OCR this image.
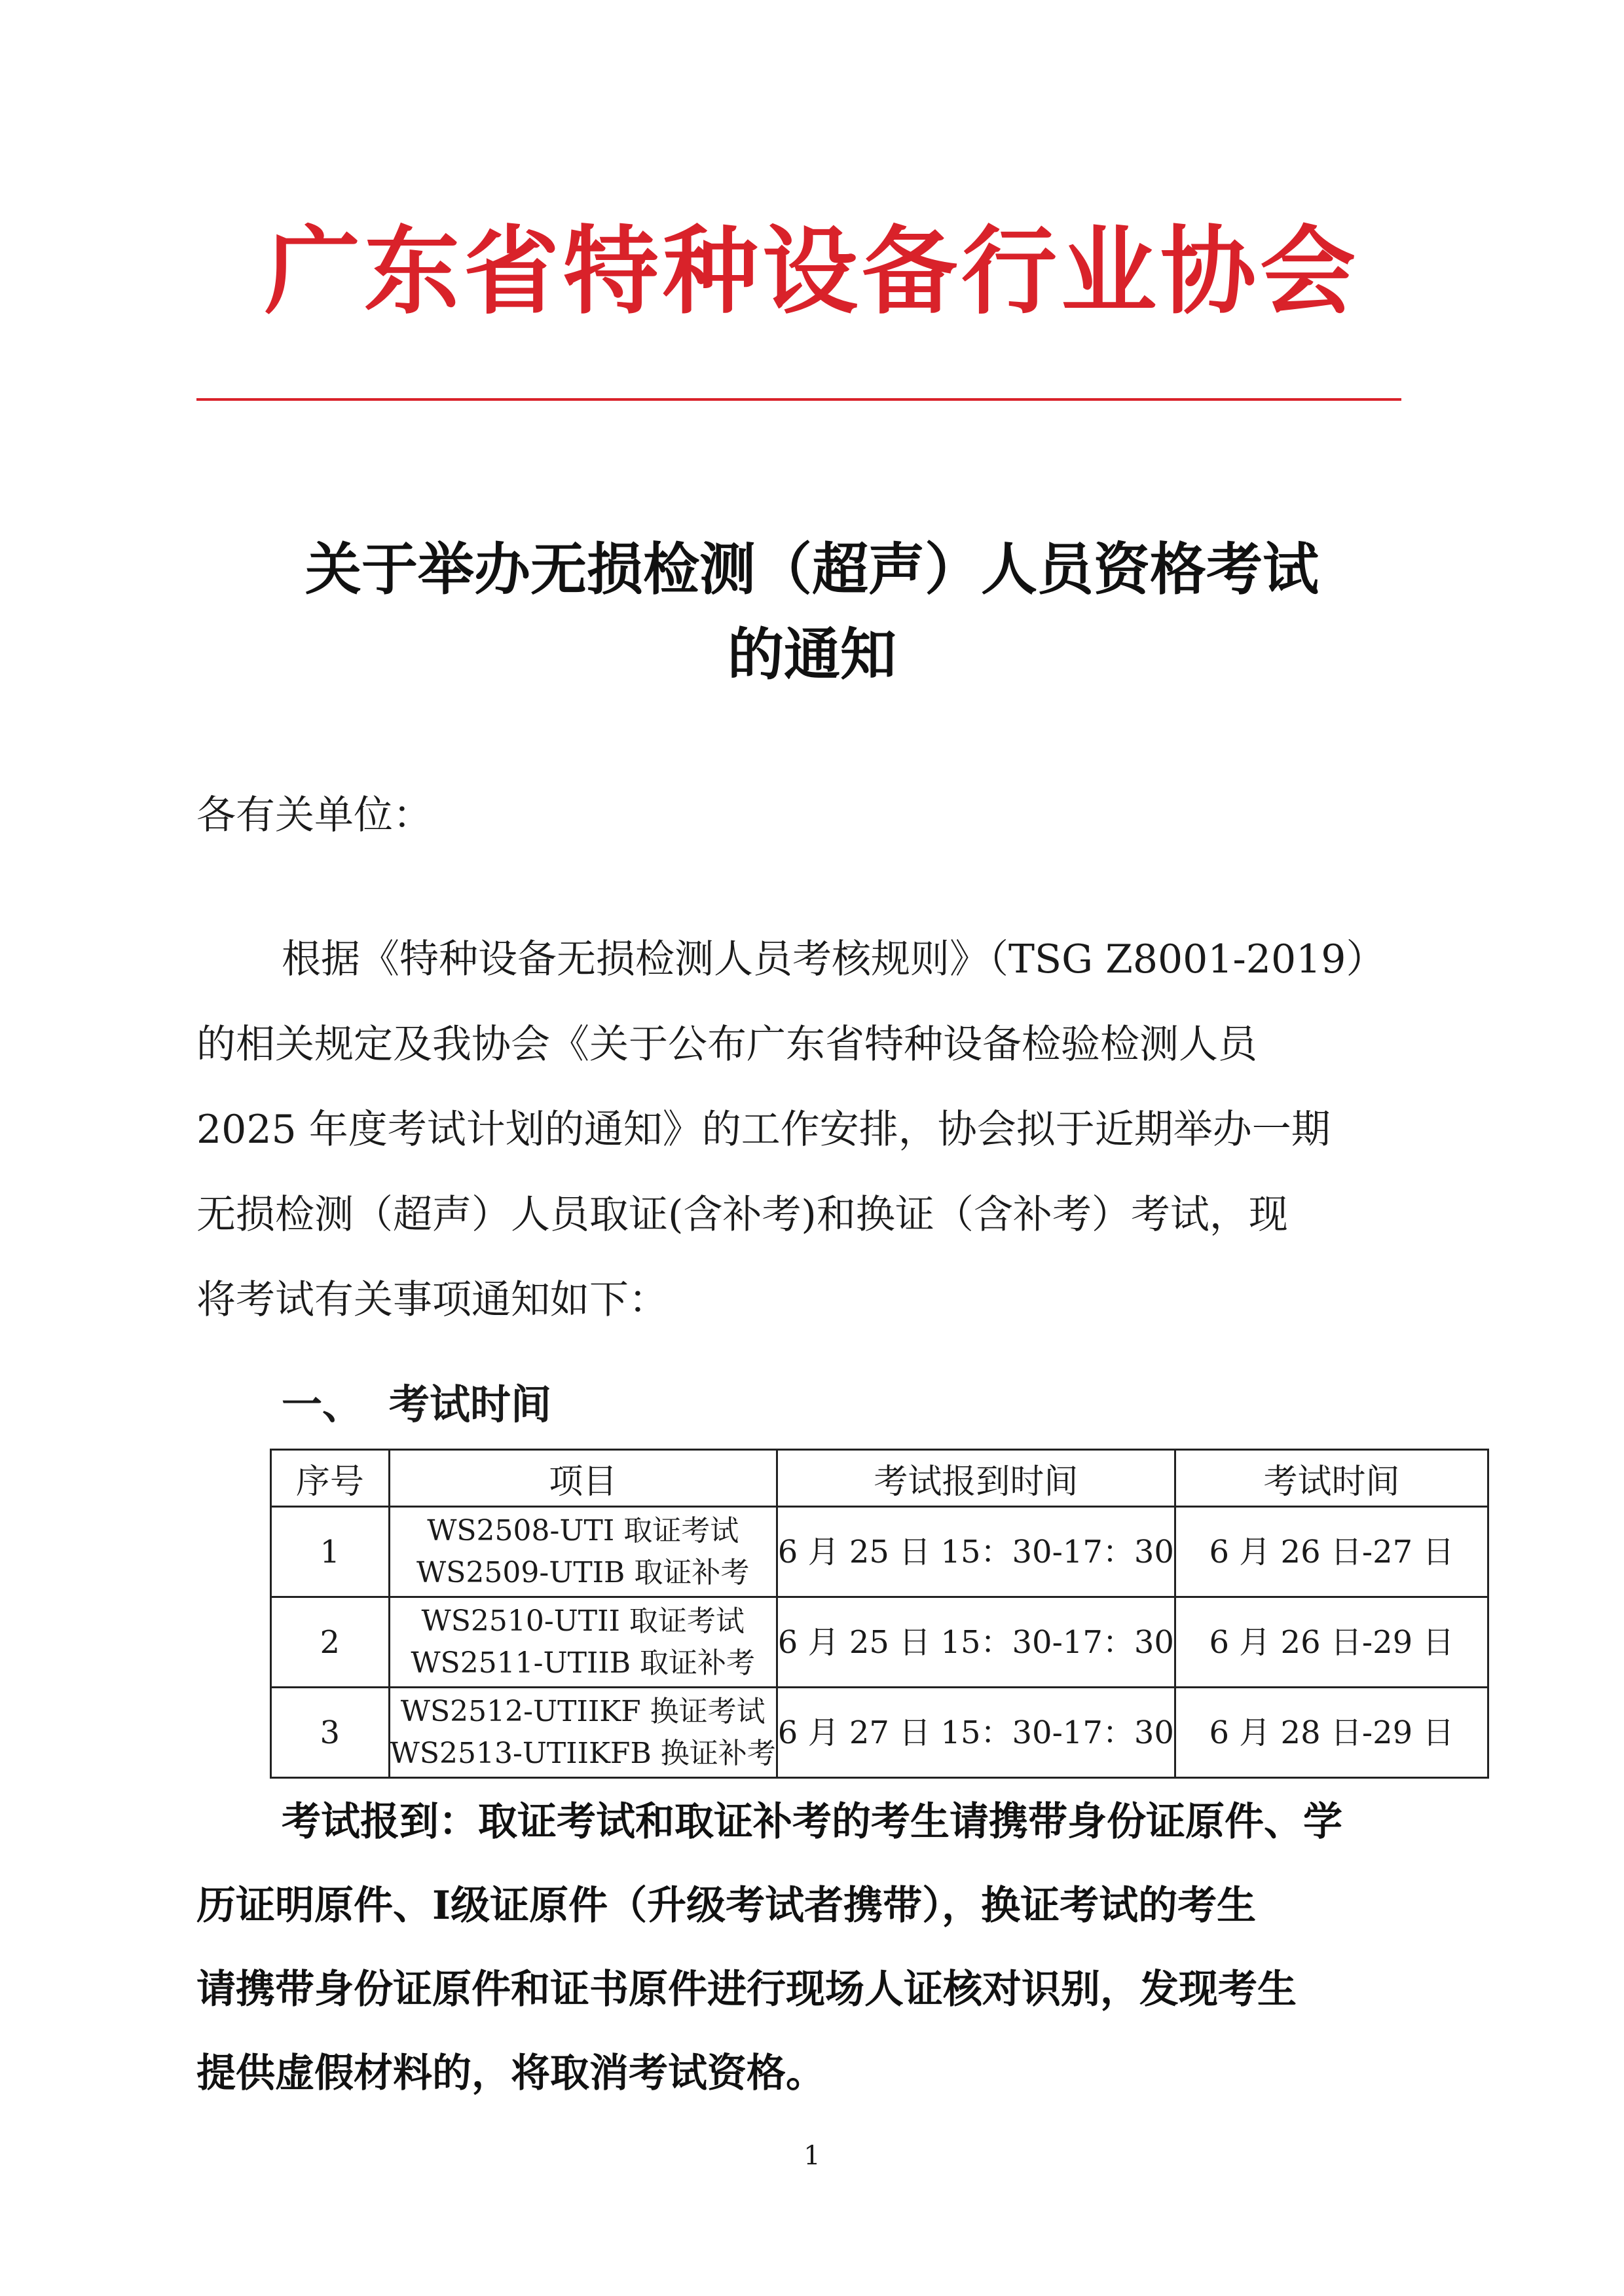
广东省特种设备行业协会
关于举办无损检测（超声）人员资格考试
的通知
各有关单位：
根据《特种设备无损检测人员考核规则》（TSG Z8001-2019）
的相关规定及我协会《关于公布广东省特种设备检验检测人员
2025 年度考试计划的通知》的工作安排，协会拟于近期举办一期
无损检测（超声）人员取证(含补考)和换证（含补考）考试，现
将考试有关事项通知如下：
一、 考试时间
序号	项目	考试报到时间	考试时间
1	WS2508-UTI 取证考试
WS2509-UTIB 取证补考	6 月 25 日 15：30-17：30	6 月 26 日-27 日
2	WS2510-UTII 取证考试
WS2511-UTIIB 取证补考	6 月 25 日 15：30-17：30	6 月 26 日-29 日
3	WS2512-UTIIKF 换证考试
WS2513-UTIIKFB 换证补考	6 月 27 日 15：30-17：30	6 月 28 日-29 日
考试报到：取证考试和取证补考的考生请携带身份证原件、学
历证明原件、Ⅰ级证原件（升级考试者携带），换证考试的考生
请携带身份证原件和证书原件进行现场人证核对识别，发现考生
提供虚假材料的，将取消考试资格。
1
